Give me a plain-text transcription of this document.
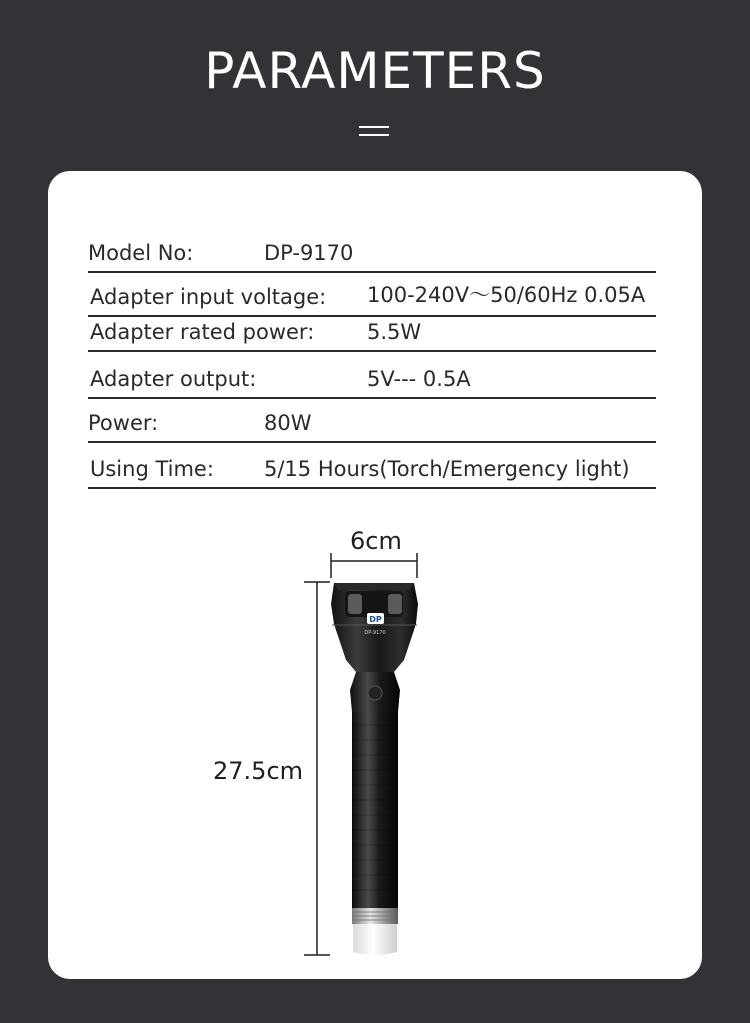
PARAMETERS
Model No:	DP-9170
Adapter input voltage: 100-240V〜50/60Hz 0.05A
Adapter rated power:	5.5W
Adapter output:	5V--- 0.5A
Power:	80W
Using Time: 5/15 Hours(Torch/Emergency light)
6cm
27.5cm
DP
DP-9170
